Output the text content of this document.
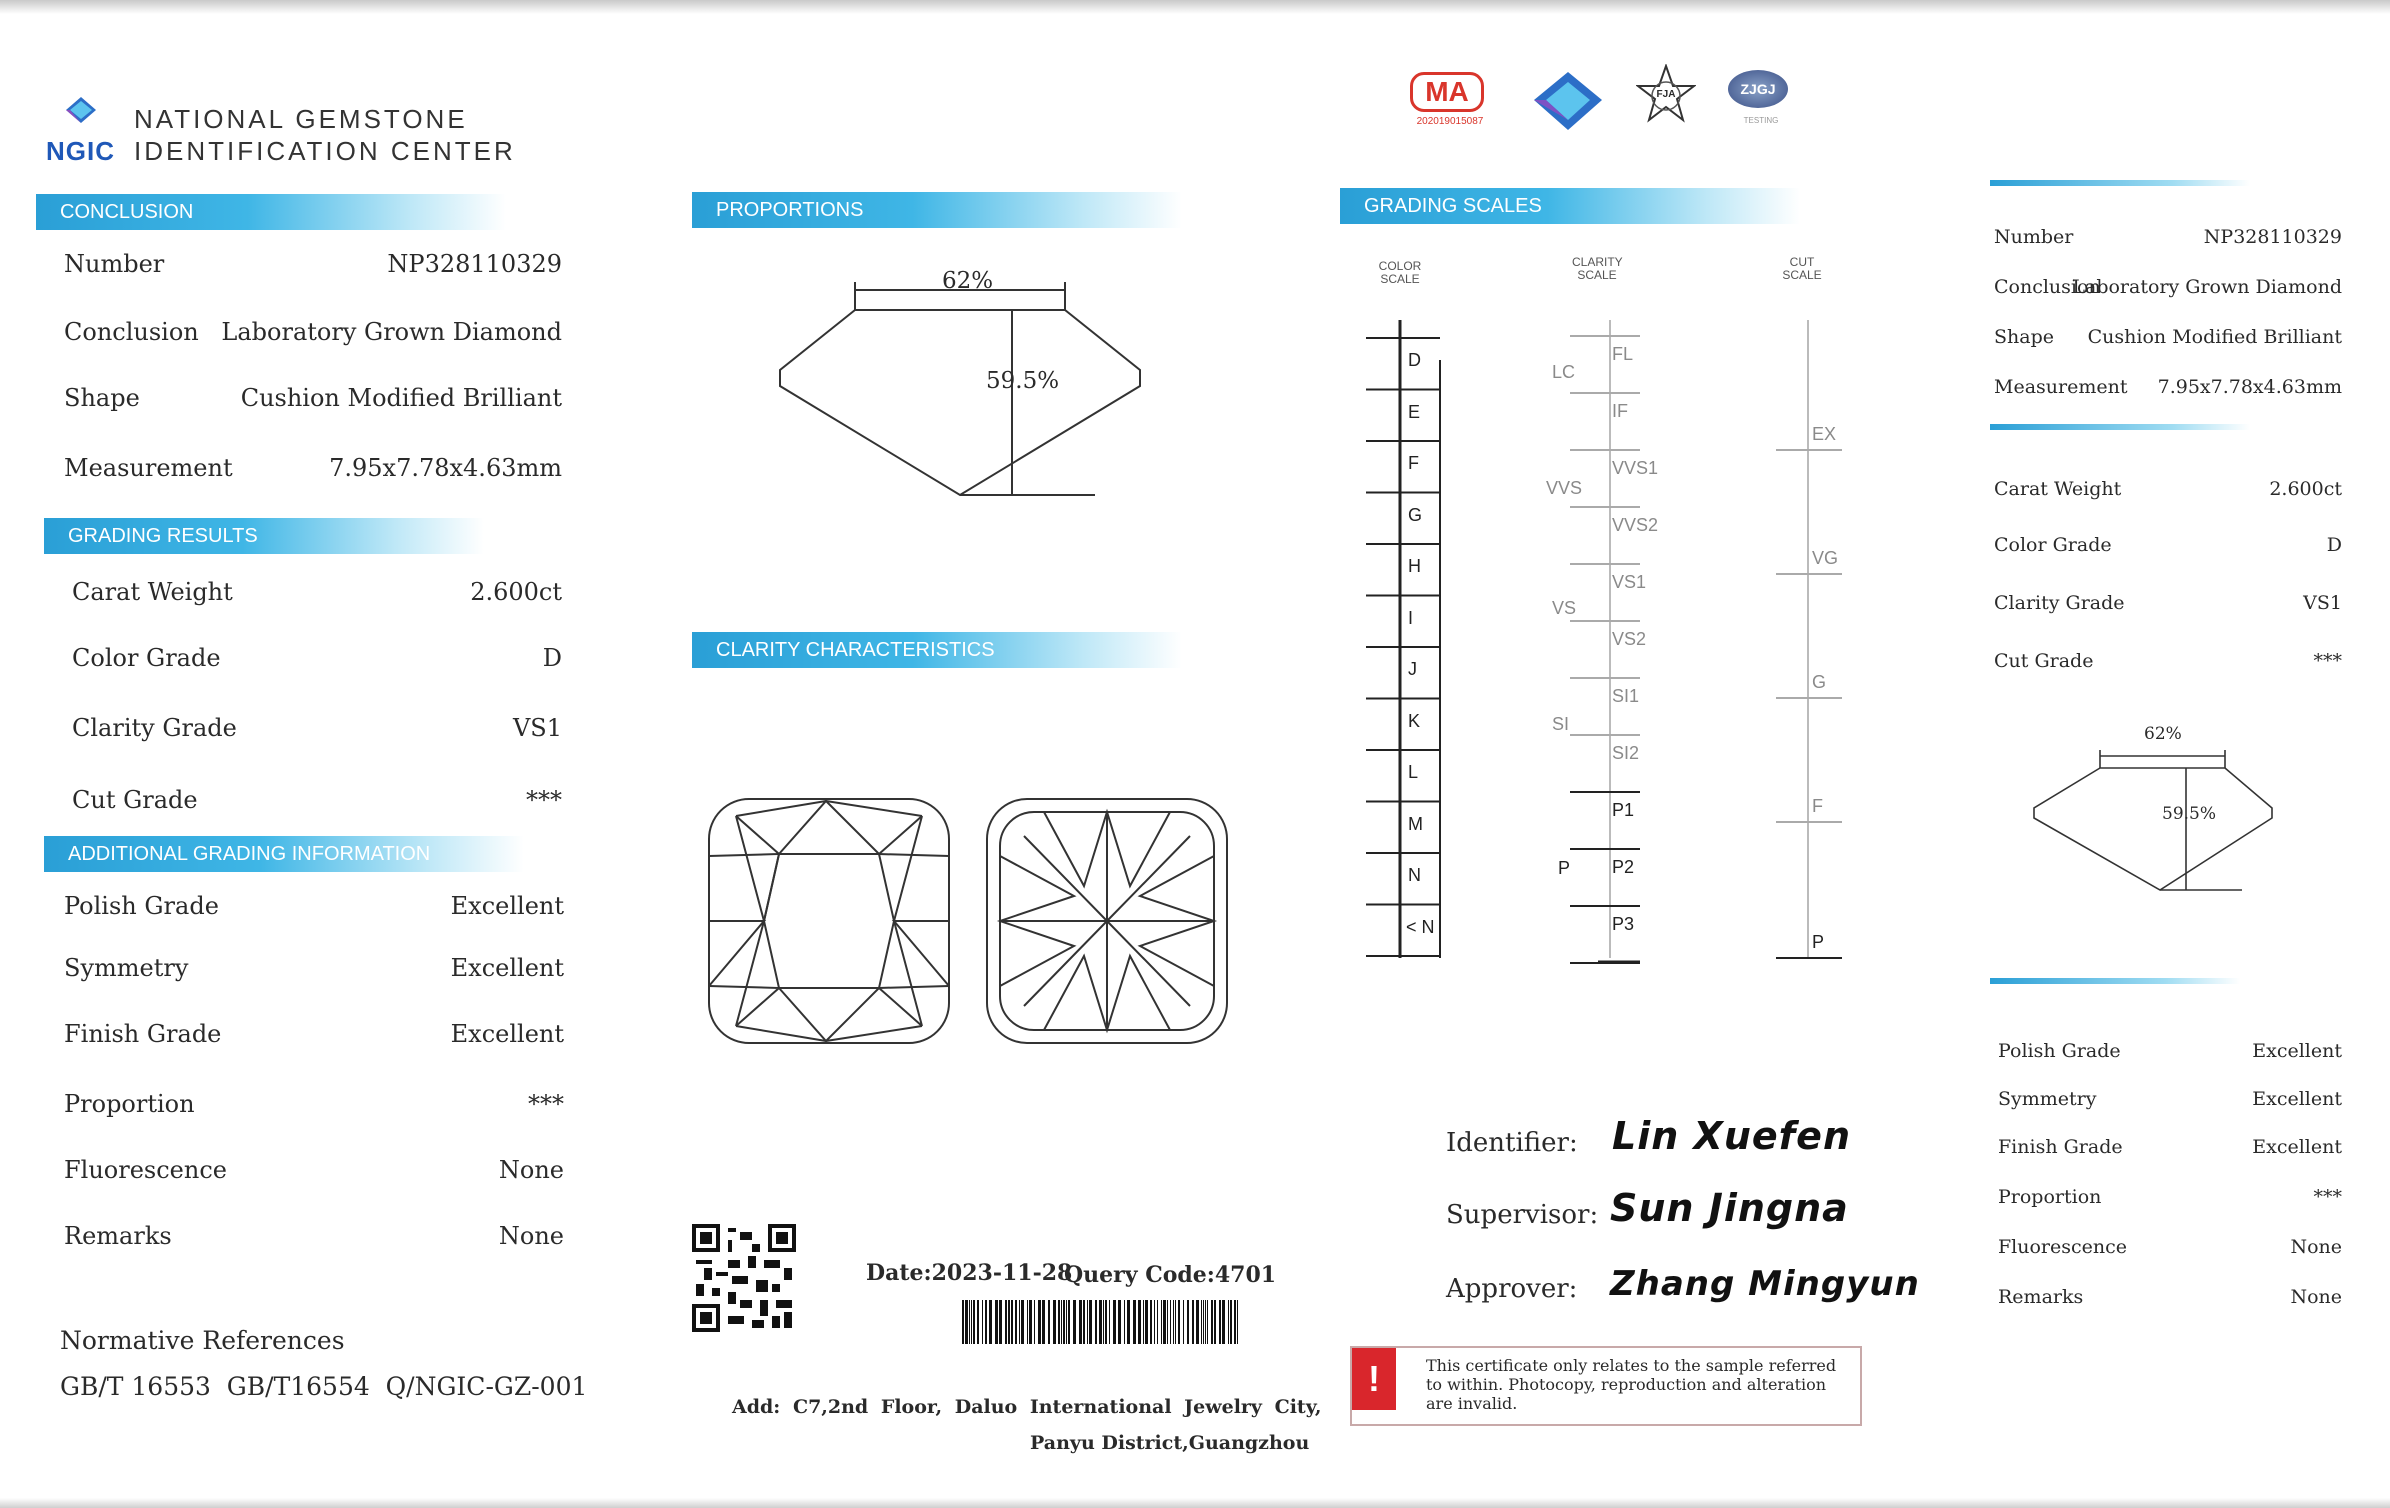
NGIC
NATIONAL GEMSTONE
IDENTIFICATION CENTER
CONCLUSION
Number	NP328110329
Conclusion Laboratory Grown Diamond
Shape	Cushion Modified Brilliant
Measurement	7.95x7.78x4.63mm
GRADING RESULTS
Carat Weight	2.600ct
Color Grade	D
Clarity Grade	VS1
Cut Grade	***
ADDITIONAL GRADING INFORMATION
Polish Grade	Excellent
Symmetry	Excellent
Finish Grade	Excellent
Proportion	***
Fluorescence	None
Remarks	None
Normative References
GB/T 16553  GB/T16554  Q/NGIC-GZ-001
PROPORTIONS
62%
59.5%
CLARITY CHARACTERISTICS
Date:2023-11-28
Query Code:4701
Add: C7,2nd Floor, Daluo International Jewelry City,
Panyu District,Guangzhou
MA
202019015087
FJA	ZJGJ
TESTING
GRADING SCALES
COLOR SCALE
CLARITY SCALE
CUT SCALE
D
E
F
G
H
I
J
K
L
M
N
< N
FL
IF
VVS1
VVS2
VS1
VS2
SI1
SI2
P1
P2
P3
LC
VVS
VS
SI
P
EX
VG
G
F
P
Identifier: Lin Xuefen
Supervisor: Sun Jingna
Approver: Zhang Mingyun
!	This certificate only relates to the sample referred to within. Photocopy, reproduction and alteration are invalid.
Number	NP328110329
Conclusion
Laboratory Grown Diamond
Shape Cushion Modified Brilliant
Measurement 7.95x7.78x4.63mm
Carat Weight	2.600ct
Color Grade	D
Clarity Grade	VS1
Cut Grade	***
62%
59.5%
Polish Grade	Excellent
Symmetry	Excellent
Finish Grade	Excellent
Proportion	***
Fluorescence	None
Remarks	None
